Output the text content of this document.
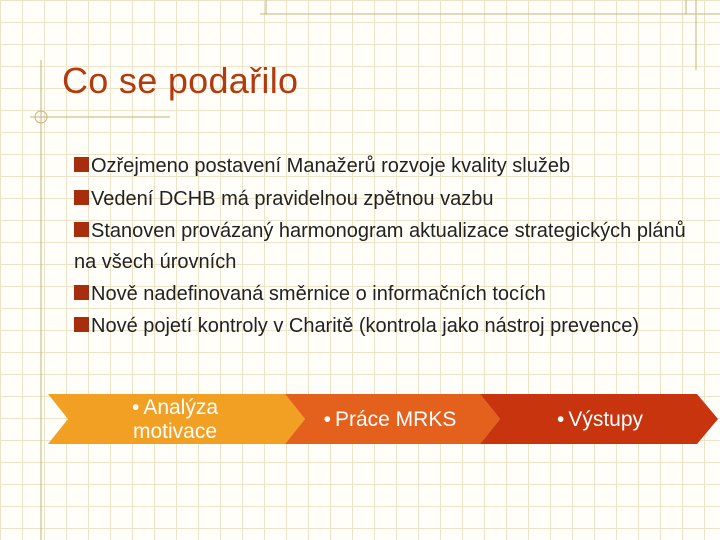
Co se podařilo
Ozřejmeno postavení Manažerů rozvoje kvality služeb
Vedení DCHB má pravidelnou zpětnou vazbu
Stanoven provázaný harmonogram aktualizace strategických plánů na všech úrovních
Nově nadefinovaná směrnice o informačních tocích
Nové pojetí kontroly v Charitě (kontrola jako nástroj prevence)
• Analýza
motivace
• Práce MRKS	• Výstupy
